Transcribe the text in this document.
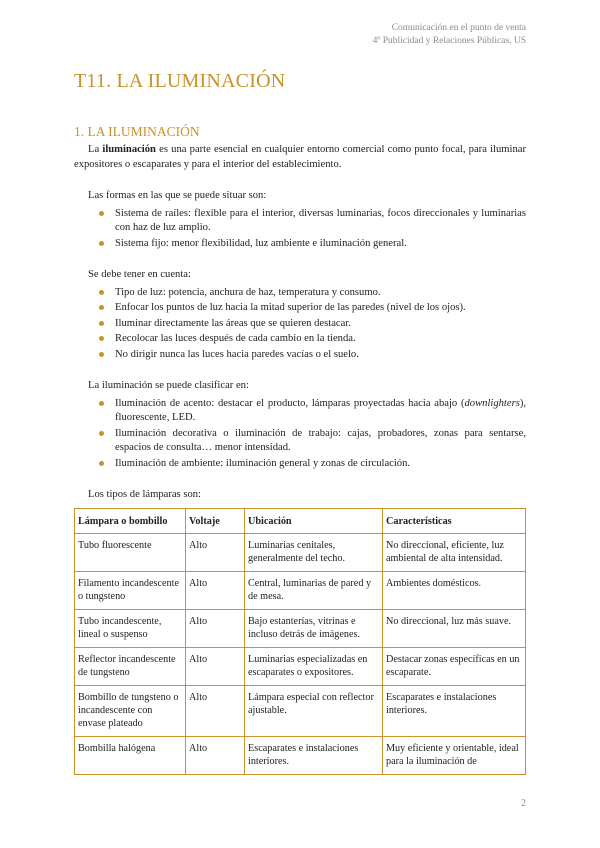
Comunicación en el punto de venta
4º Publicidad y Relaciones Públicas, US
T11. LA ILUMINACIÓN
1. LA ILUMINACIÓN

La iluminación es una parte esencial en cualquier entorno comercial como punto focal, para iluminar expositores o escaparates y para el interior del establecimiento.

Las formas en las que se puede situar son:

Sistema de raíles: flexible para el interior, diversas luminarias, focos direccionales y luminarias con haz de luz amplio.
Sistema fijo: menor flexibilidad, luz ambiente e iluminación general.

Se debe tener en cuenta:

Tipo de luz: potencia, anchura de haz, temperatura y consumo.
Enfocar los puntos de luz hacia la mitad superior de las paredes (nivel de los ojos).
Iluminar directamente las áreas que se quieren destacar.
Recolocar las luces después de cada cambio en la tienda.
No dirigir nunca las luces hacia paredes vacías o el suelo.

La iluminación se puede clasificar en:

Iluminación de acento: destacar el producto, lámparas proyectadas hacia abajo (downlighters), fluorescente, LED.
Iluminación decorativa o iluminación de trabajo: cajas, probadores, zonas para sentarse, espacios de consulta… menor intensidad.
Iluminación de ambiente: iluminación general y zonas de circulación.

Los tipos de lámparas son:

Lámpara o bombillo	Voltaje	Ubicación	Características
Tubo fluorescente	Alto	Luminarias cenitales, generalmente del techo.	No direccional, eficiente, luz ambiental de alta intensidad.
Filamento incandescente o tungsteno	Alto	Central, luminarias de pared y de mesa.	Ambientes domésticos.
Tubo incandescente, lineal o suspenso	Alto	Bajo estanterías, vitrinas e incluso detrás de imágenes.	No direccional, luz más suave.
Reflector incandescente de tungsteno	Alto	Luminarias especializadas en escaparates o expositores.	Destacar zonas específicas en un escaparate.
Bombillo de tungsteno o incandescente con envase plateado	Alto	Lámpara especial con reflector ajustable.	Escaparates e instalaciones interiores.
Bombilla halógena	Alto	Escaparates e instalaciones interiores.	Muy eficiente y orientable, ideal para la iluminación de
2
